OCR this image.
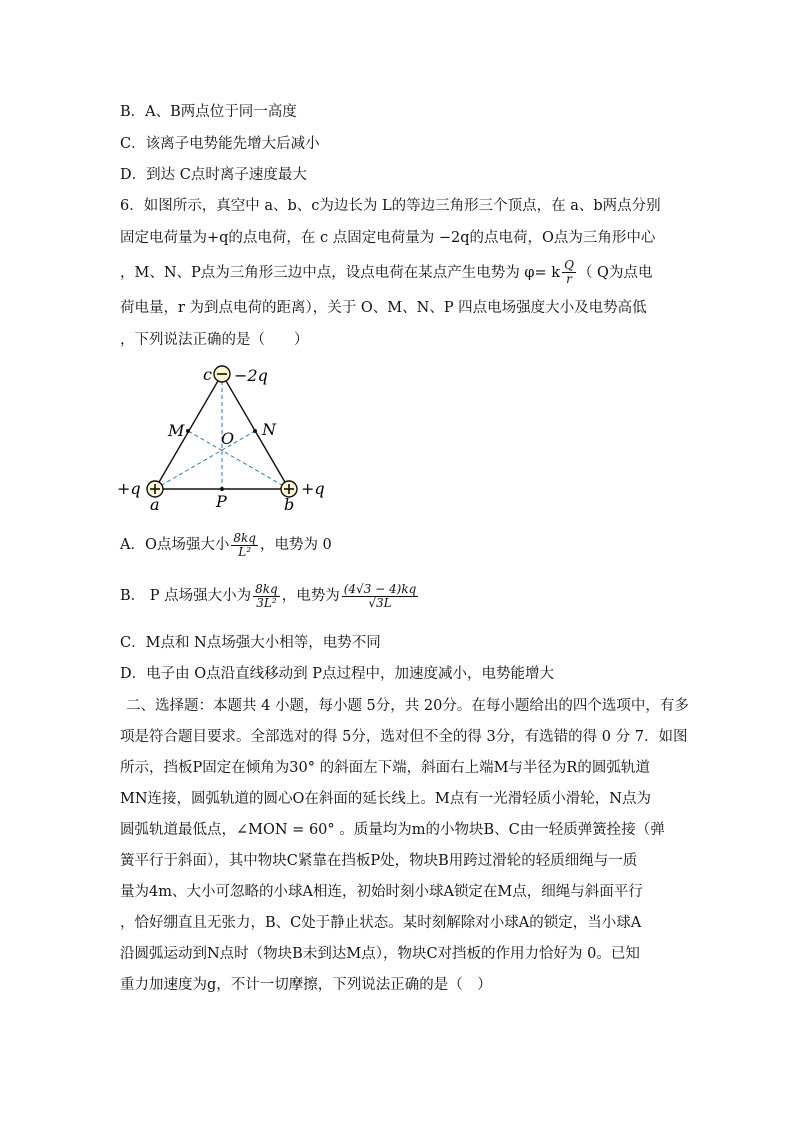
B．A、B两点位于同一高度
C．该离子电势能先增大后减小
D．到达 C点时离子速度最大
6．如图所示，真空中 a、b、c为边长为 L的等边三角形三个顶点，在 a、b两点分别
固定电荷量为+q的点电荷，在 c 点固定电荷量为 −2q的点电荷，O点为三角形中心
，M、N、P点为三角形三边中点，设点电荷在某点产生电势为 φ= k $\frac{Q}{r}$ （ Q为点电
荷电量，r 为到点电荷的距离），关于 O、M、N、P 四点电场强度大小及电势高低
，下列说法正确的是（　　）
c −2q
+q
a
+q
b
M	N
O
P
A．O点场强大小 $\frac{8kq}{\text{L²}}$ ，电势为 0
B． P 点场强大小为 $\frac{8kq}{\text{3L²}}$ ，电势为 $\frac{(4√3 - 4)kq}{√3L}$
C．M点和 N点场强大小相等，电势不同
D．电子由 O点沿直线移动到 P点过程中，加速度减小，电势能增大
二、选择题：本题共 4 小题，每小题 5分，共 20分。在每小题给出的四个选项中，有多
项是符合题目要求。全部选对的得 5分，选对但不全的得 3分，有选错的得 0 分 7．如图
所示，挡板P固定在倾角为30° 的斜面左下端，斜面右上端M与半径为R的圆弧轨道
MN连接，圆弧轨道的圆心O在斜面的延长线上。M点有一光滑轻质小滑轮，N点为
圆弧轨道最低点，∠MON = 60° 。质量均为m的小物块B、C由一轻质弹簧拴接（弹
簧平行于斜面），其中物块C紧靠在挡板P处，物块B用跨过滑轮的轻质细绳与一质
量为4m、大小可忽略的小球A相连，初始时刻小球A锁定在M点，细绳与斜面平行
，恰好绷直且无张力，B、C处于静止状态。某时刻解除对小球A的锁定，当小球A
沿圆弧运动到N点时（物块B未到达M点），物块C对挡板的作用力恰好为 0。已知
重力加速度为g，不计一切摩擦，下列说法正确的是（　）
